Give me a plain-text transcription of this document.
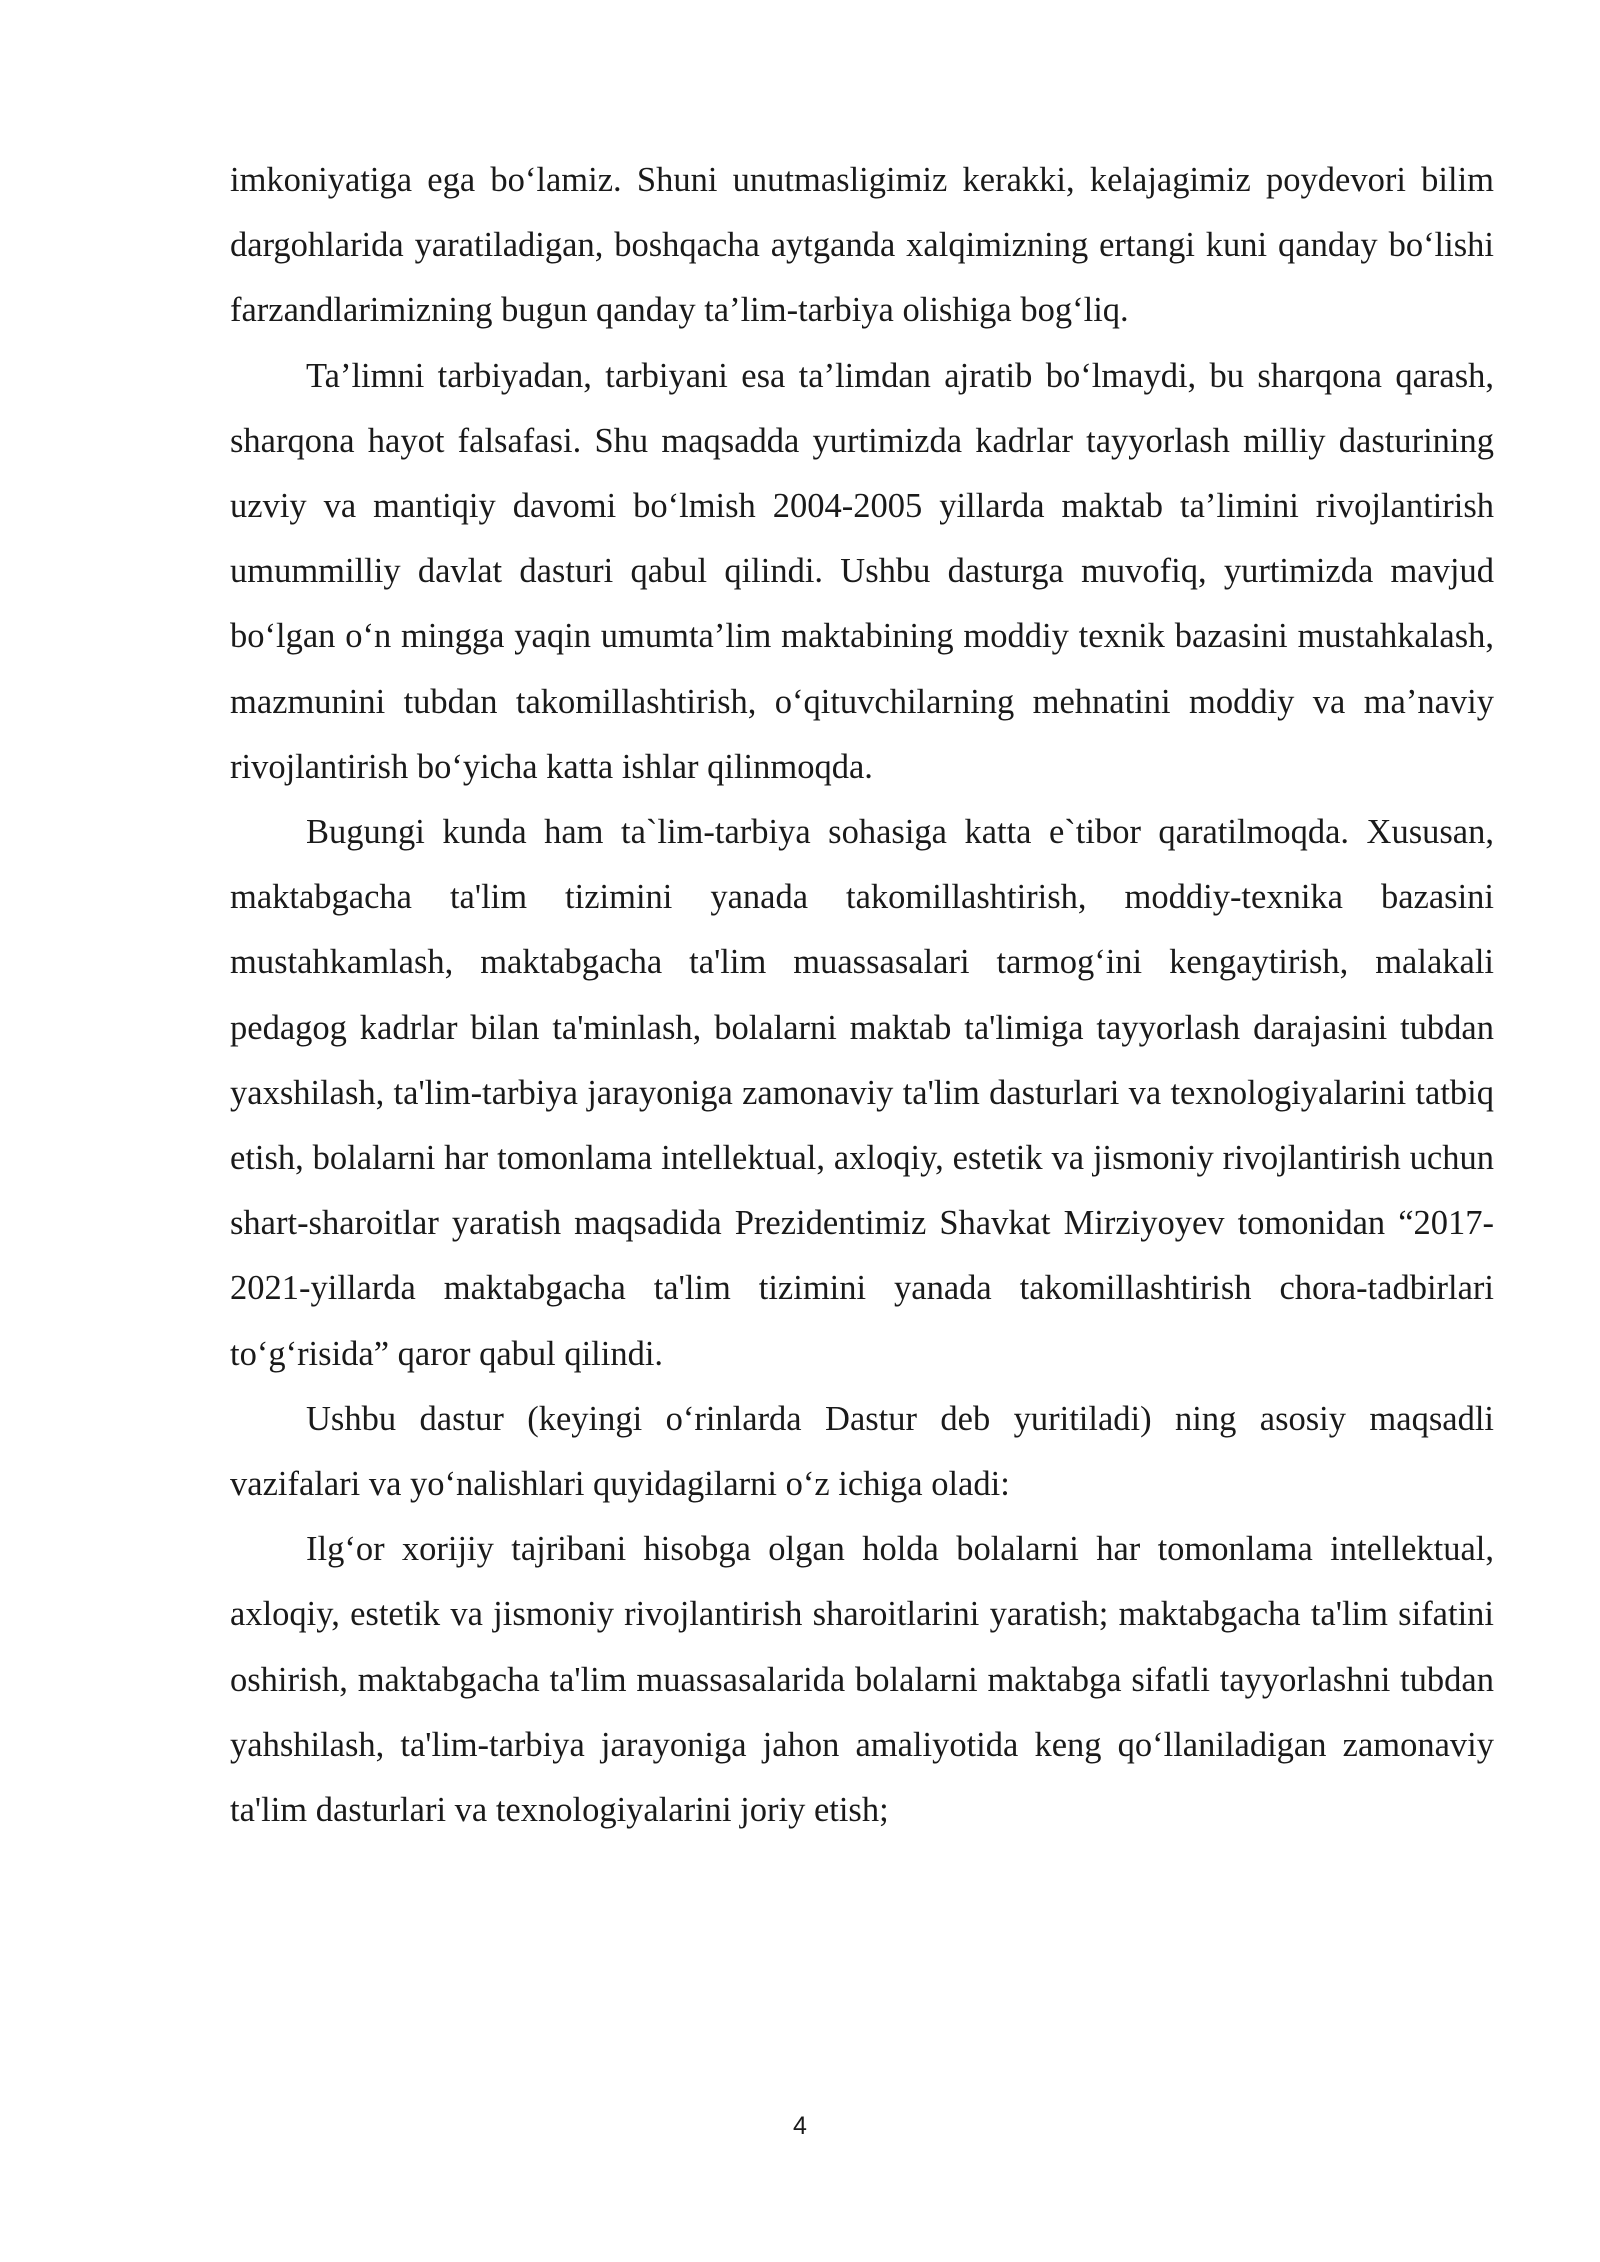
imkoniyatiga ega bo‘lamiz. Shuni unutmasligimiz kerakki, kelajagimiz poydevori bilim dargohlarida yaratiladigan, boshqacha aytganda xalqimizning ertangi kuni qanday bo‘lishi farzandlarimizning bugun qanday ta’lim-tarbiya olishiga bog‘liq.

Ta’limni tarbiyadan, tarbiyani esa ta’limdan ajratib bo‘lmaydi, bu sharqona qarash, sharqona hayot falsafasi. Shu maqsadda yurtimizda kadrlar tayyorlash milliy dasturining uzviy va mantiqiy davomi bo‘lmish 2004-2005 yillarda maktab ta’limini rivojlantirish umummilliy davlat dasturi qabul qilindi. Ushbu dasturga muvofiq, yurtimizda mavjud bo‘lgan o‘n mingga yaqin umumta’lim maktabining moddiy texnik bazasini mustahkalash, mazmunini tubdan takomillashtirish, o‘qituvchilarning mehnatini moddiy va ma’naviy rivojlantirish bo‘yicha katta ishlar qilinmoqda.

Bugungi kunda ham ta`lim-tarbiya sohasiga katta e`tibor qaratilmoqda. Xususan, maktabgacha ta'lim tizimini yanada takomillashtirish, moddiy-texnika bazasini mustahkamlash, maktabgacha ta'lim muassasalari tarmog‘ini kengaytirish, malakali pedagog kadrlar bilan ta'minlash, bolalarni maktab ta'limiga tayyorlash darajasini tubdan yaxshilash, ta'lim-tarbiya jarayoniga zamonaviy ta'lim dasturlari va texnologiyalarini tatbiq etish, bolalarni har tomonlama intellektual, axloqiy, estetik va jismoniy rivojlantirish uchun shart-sharoitlar yaratish maqsadida Prezidentimiz Shavkat Mirziyoyev tomonidan “2017-2021-yillarda maktabgacha ta'lim tizimini yanada takomillashtirish chora-tadbirlari to‘g‘risida” qaror qabul qilindi.

Ushbu dastur (keyingi o‘rinlarda Dastur deb yuritiladi) ning asosiy maqsadli vazifalari va yo‘nalishlari quyidagilarni o‘z ichiga oladi:

Ilg‘or xorijiy tajribani hisobga olgan holda bolalarni har tomonlama intellektual, axloqiy, estetik va jismoniy rivojlantirish sharoitlarini yaratish; maktabgacha ta'lim sifatini oshirish, maktabgacha ta'lim muassasalarida bolalarni maktabga sifatli tayyorlashni tubdan yahshilash, ta'lim-tarbiya jarayoniga jahon amaliyotida keng qo‘llaniladigan zamonaviy ta'lim dasturlari va texnologiyalarini joriy etish;

4
